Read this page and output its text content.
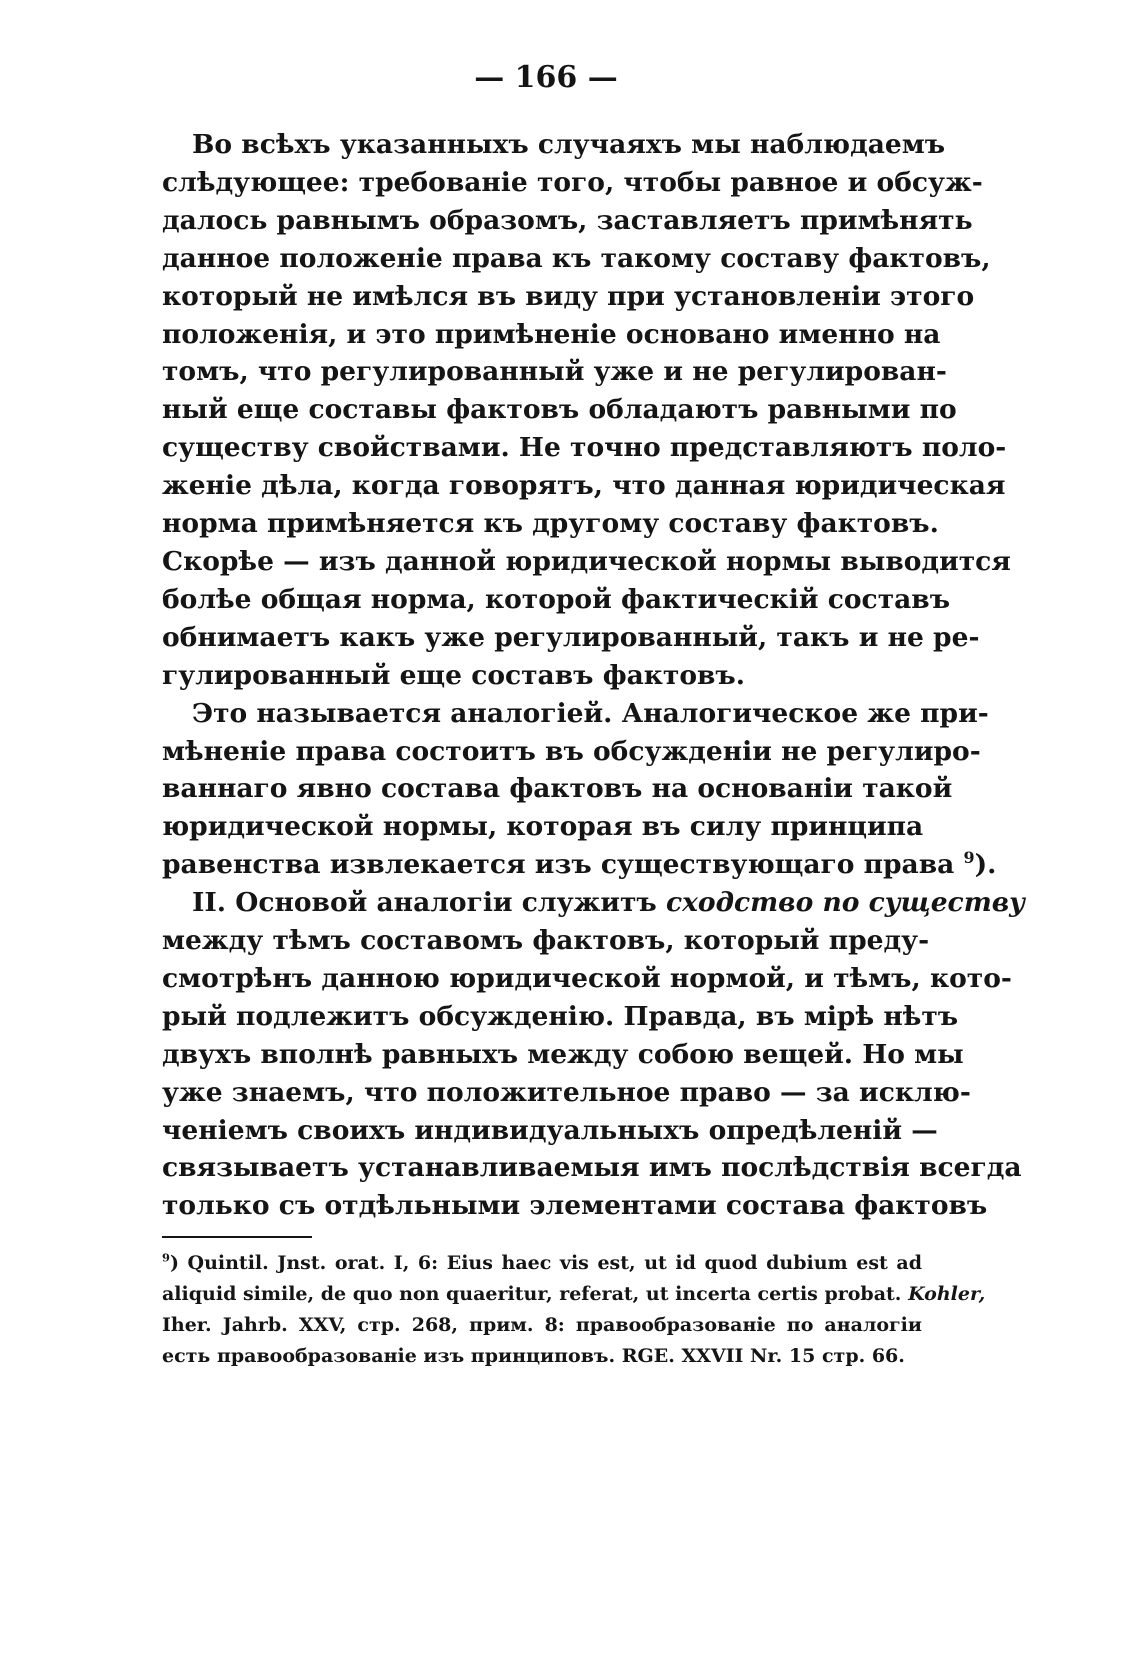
— 166 —
Во всѣхъ указанныхъ случаяхъ мы наблюдаемъ
слѣдующее: требованіе того, чтобы равное и обсуж-
далось равнымъ образомъ, заставляетъ примѣнять
данное положеніе права къ такому составу фактовъ,
который не имѣлся въ виду при установленіи этого
положенія, и это примѣненіе основано именно на
томъ, что регулированный уже и не регулирован-
ный еще составы фактовъ обладаютъ равными по
существу свойствами. Не точно представляютъ поло-
женіе дѣла, когда говорятъ, что данная юридическая
норма примѣняется къ другому составу фактовъ.
Скорѣе — изъ данной юридической нормы выводится
болѣе общая норма, которой фактическій составъ
обнимаетъ какъ уже регулированный, такъ и не ре-
гулированный еще составъ фактовъ.
Это называется аналогіей. Аналогическое же при-
мѣненіе права состоитъ въ обсужденіи не регулиро-
ваннаго явно состава фактовъ на основаніи такой
юридической нормы, которая въ силу принципа
равенства извлекается изъ существующаго права $^9$).
II. Основой аналогіи служитъ сходство по существу
между тѣмъ составомъ фактовъ, который преду-
смотрѣнъ данною юридической нормой, и тѣмъ, кото-
рый подлежитъ обсужденію. Правда, въ мірѣ нѣтъ
двухъ вполнѣ равныхъ между собою вещей. Но мы
уже знаемъ, что положительное право — за исклю-
ченіемъ своихъ индивидуальныхъ опредѣленій —
связываетъ устанавливаемыя имъ послѣдствія всегда
только съ отдѣльными элементами состава фактовъ
$^9$) Quintil. Jnst. orat. I, 6: Eius haec vis est, ut id quod dubium est ad
aliquid simile, de quo non quaeritur, referat, ut incerta certis probat. Kohler,
Iher. Jahrb. XXV, стр. 268, прим. 8: правообразованіе по аналогіи
есть правообразованіе изъ принциповъ. RGE. XXVII Nr. 15 стр. 66.
